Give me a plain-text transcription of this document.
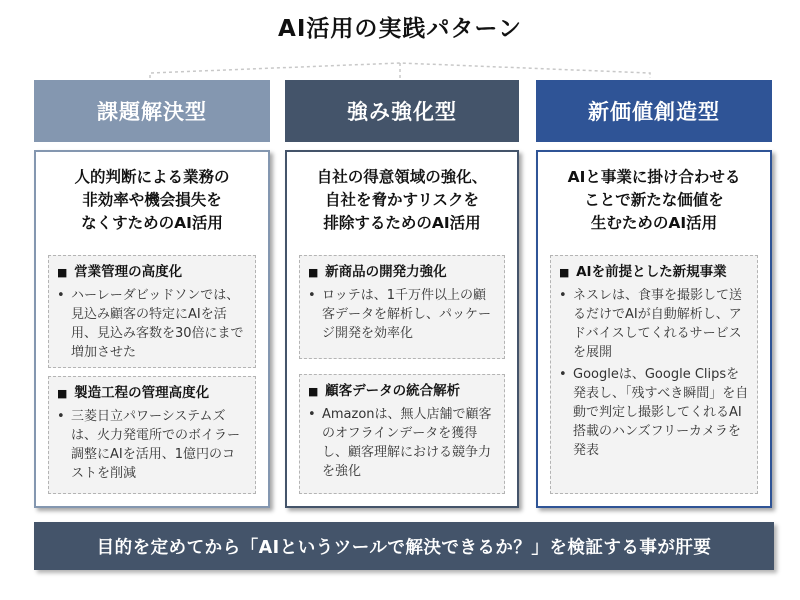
AI活用の実践パターン
課題解決型
人的判断による業務の
非効率や機会損失を
なくすためのAI活用
■ 営業管理の高度化
• ハーレーダビッドソンでは、見込み顧客の特定にAIを活用、見込み客数を30倍にまで増加させた
■ 製造工程の管理高度化
• 三菱日立パワーシステムズは、火力発電所でのボイラー調整にAIを活用、1億円のコストを削減
強み強化型
自社の得意領域の強化、
自社を脅かすリスクを
排除するためのAI活用
■ 新商品の開発力強化
• ロッテは、1千万件以上の顧客データを解析し、パッケージ開発を効率化
■ 顧客データの統合解析
• Amazonは、無人店舗で顧客のオフラインデータを獲得し、顧客理解における競争力を強化
新価値創造型
AIと事業に掛け合わせる
ことで新たな価値を
生むためのAI活用
■ AIを前提とした新規事業
• ネスレは、食事を撮影して送るだけでAIが自動解析し、アドバイスしてくれるサービスを展開
• Googleは、Google Clipsを発表し、「残すべき瞬間」を自動で判定し撮影してくれるAI搭載のハンズフリーカメラを発表
目的を定めてから「AIというツールで解決できるか？」を検証する事が肝要
